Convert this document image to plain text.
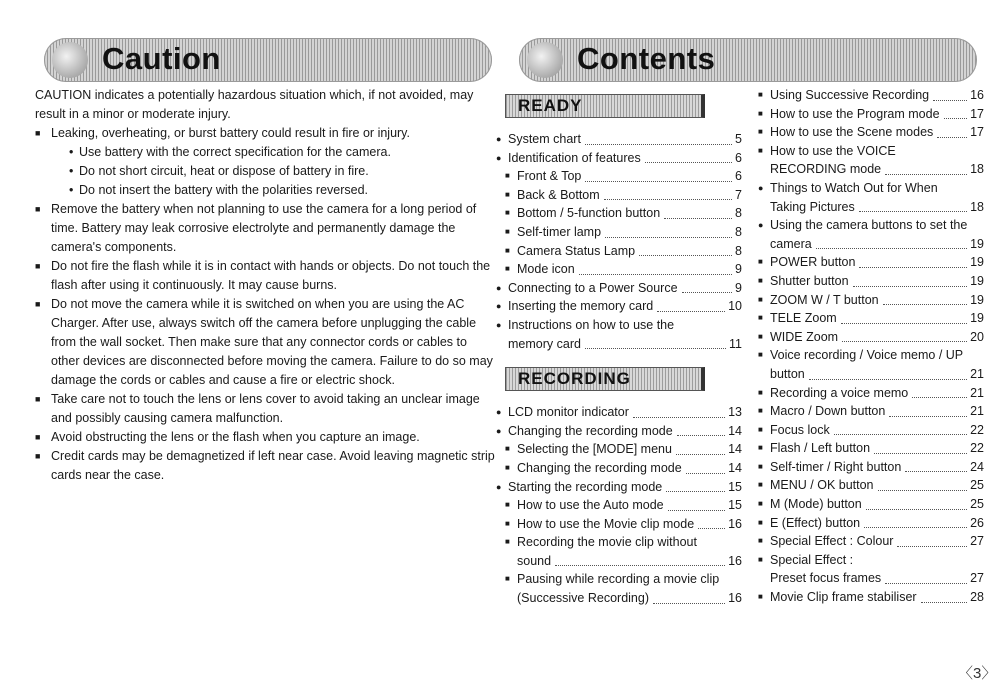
Caution	Contents

CAUTION indicates a potentially hazardous situation which, if not avoided, may result in a minor or moderate injury.

■ Leaking, overheating, or burst battery could result in fire or injury.
• Use battery with the correct specification for the camera.
• Do not short circuit, heat or dispose of battery in fire.
• Do not insert the battery with the polarities reversed.
■ Remove the battery when not planning to use the camera for a long period of time. Battery may leak corrosive electrolyte and permanently damage the camera's components.
■ Do not fire the flash while it is in contact with hands or objects. Do not touch the flash after using it continuously. It may cause burns.
■ Do not move the camera while it is switched on when you are using the AC Charger. After use, always switch off the camera before unplugging the cable from the wall socket. Then make sure that any connector cords or cables to other devices are disconnected before moving the camera. Failure to do so may damage the cords or cables and cause a fire or electric shock.
■ Take care not to touch the lens or lens cover to avoid taking an unclear image and possibly causing camera malfunction.
■ Avoid obstructing the lens or the flash when you capture an image.
■ Credit cards may be demagnetized if left near case. Avoid leaving magnetic strip cards near the case.
READY
● System chart	5
● Identification of features	6
■ Front & Top	6
■ Back & Bottom	7
■ Bottom / 5-function button	8
■ Self-timer lamp	8
■ Camera Status Lamp	8
■ Mode icon	9
● Connecting to a Power Source	9
● Inserting the memory card	10
● Instructions on how to use the
memory card	11
RECORDING
● LCD monitor indicator	13
● Changing the recording mode	14
■ Selecting the [MODE] menu	14
■ Changing the recording mode	14
● Starting the recording mode	15
■ How to use the Auto mode	15
■ How to use the Movie clip mode	16
■ Recording the movie clip without
sound	16
■ Pausing while recording a movie clip
(Successive Recording)	16
■ Using Successive Recording	16
■ How to use the Program mode 17
■ How to use the Scene modes	17
■ How to use the VOICE
RECORDING mode	18
● Things to Watch Out for When
Taking Pictures	18
● Using the camera buttons to set the
camera	19
■ POWER button	19
■ Shutter button	19
■ ZOOM W / T button	19
■ TELE Zoom	19
■ WIDE Zoom	20
■ Voice recording / Voice memo / UP
button	21
■ Recording a voice memo	21
■ Macro / Down button	21
■ Focus lock	22
■ Flash / Left button	22
■ Self-timer / Right button	24
■ MENU / OK button	25
■ M (Mode) button	25
■ E (Effect) button	26
■ Special Effect : Colour	27
■ Special Effect :
Preset focus frames	27
■ Movie Clip frame stabiliser	28
〈3〉
